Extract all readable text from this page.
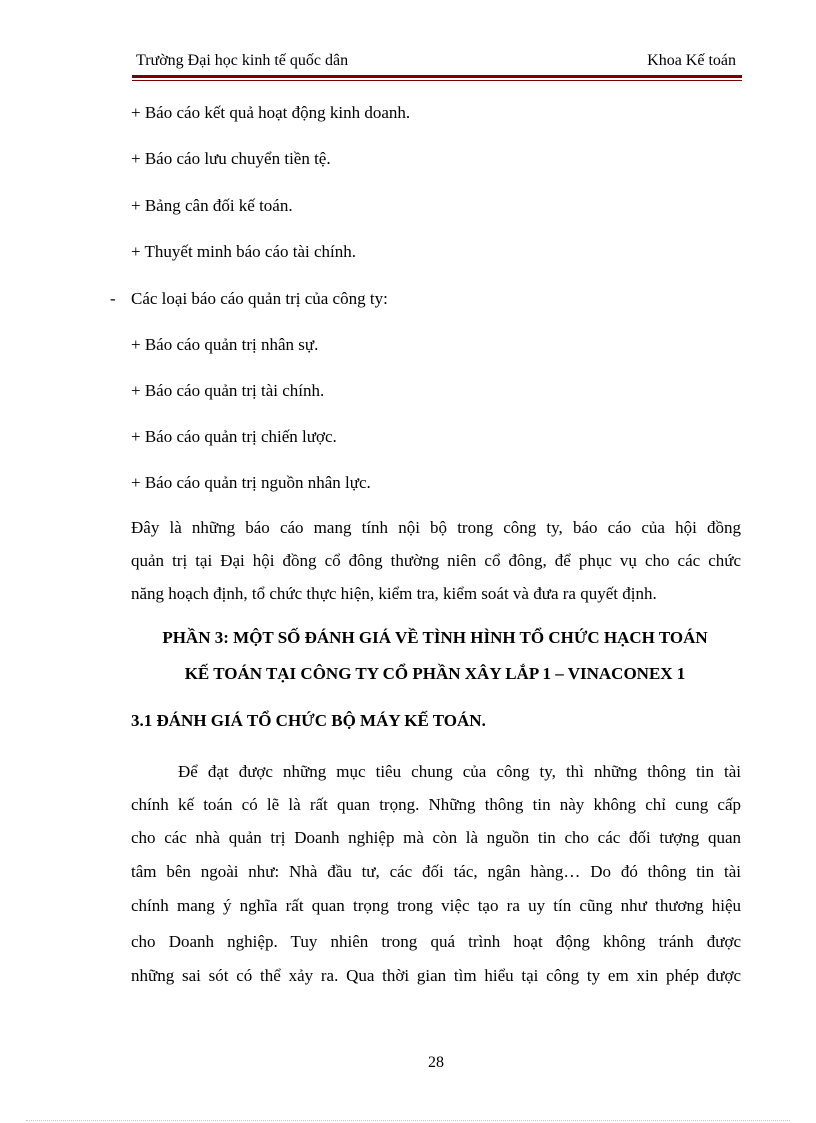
Trường Đại học kinh tế quốc dân	Khoa Kế toán
+ Báo cáo kết quả hoạt động kinh doanh.
+ Báo cáo lưu chuyển tiền tệ.
+ Bảng cân đối kế toán.
+ Thuyết minh báo cáo tài chính.
- Các loại báo cáo quản trị của công ty:
+ Báo cáo quản trị nhân sự.
+ Báo cáo quản trị tài chính.
+ Báo cáo quản trị chiến lược.
+ Báo cáo quản trị nguồn nhân lực.
Đây là những báo cáo mang tính nội bộ trong công ty, báo cáo của hội đồng
quản trị tại Đại hội đồng cổ đông thường niên cổ đông, để phục vụ cho các chức
năng hoạch định, tổ chức thực hiện, kiểm tra, kiểm soát và đưa ra quyết định.
PHẦN 3: MỘT SỐ ĐÁNH GIÁ VỀ TÌNH HÌNH TỔ CHỨC HẠCH TOÁN
KẾ TOÁN TẠI CÔNG TY CỔ PHẦN XÂY LẮP 1 – VINACONEX 1
3.1 ĐÁNH GIÁ TỔ CHỨC BỘ MÁY KẾ TOÁN.
Để đạt được những mục tiêu chung của công ty, thì những thông tin tài
chính kế toán có lẽ là rất quan trọng. Những thông tin này không chỉ cung cấp
cho các nhà quản trị Doanh nghiệp mà còn là nguồn tin cho các đối tượng quan
tâm bên ngoài như: Nhà đầu tư, các đối tác, ngân hàng… Do đó thông tin tài
chính mang ý nghĩa rất quan trọng trong việc tạo ra uy tín cũng như thương hiệu
cho Doanh nghiệp. Tuy nhiên trong quá trình hoạt động không tránh được
những sai sót có thể xảy ra. Qua thời gian tìm hiểu tại công ty em xin phép được
28
